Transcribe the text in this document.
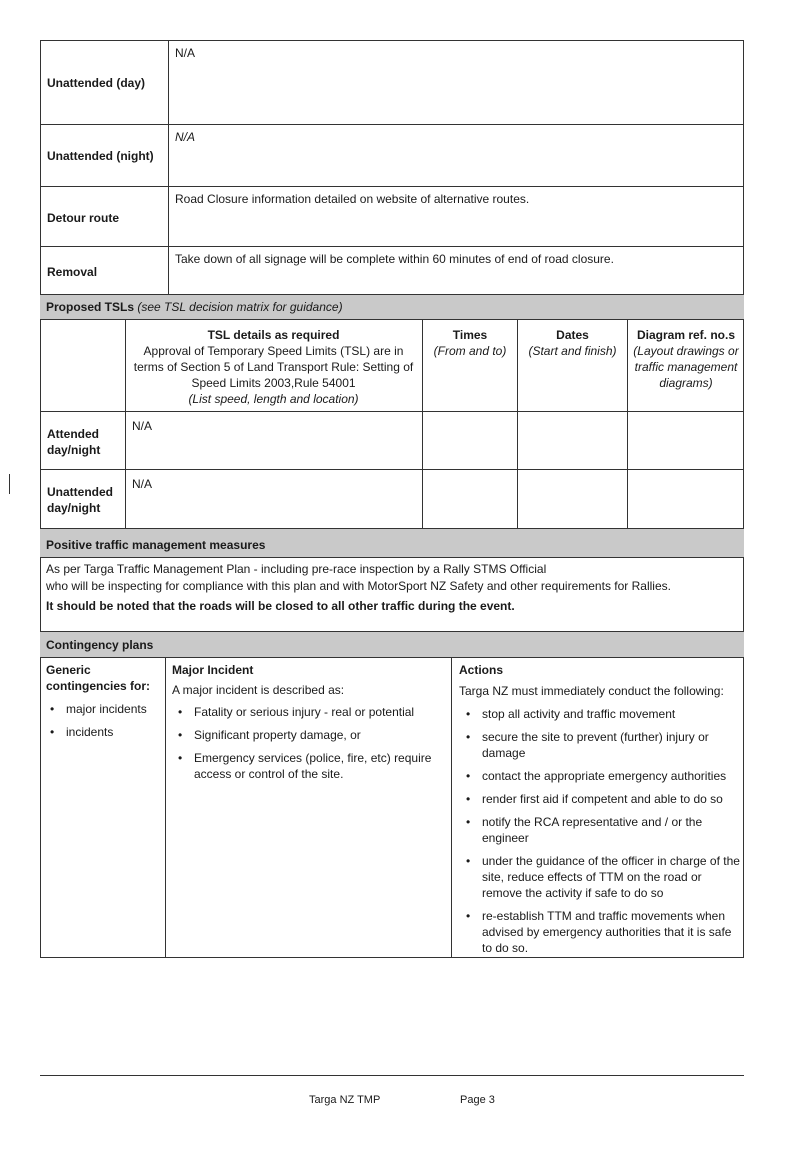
Unattended (day)
N/A
Unattended (night)
N/A
Detour route
Road Closure information detailed on website of alternative routes.
Removal
Take down of all signage will be complete within 60 minutes of end of road closure.
Proposed TSLs (see TSL decision matrix for guidance)
TSL details as required
Approval of Temporary Speed Limits (TSL) are in terms of Section 5 of Land Transport Rule: Setting of Speed Limits 2003,Rule 54001
(List speed, length and location)
Times
(From and to)
Dates
(Start and finish)
Diagram ref. no.s
(Layout drawings or traffic management diagrams)
Attended day/night
N/A
Unattended day/night
N/A
Positive traffic management measures
As per Targa Traffic Management Plan - including pre-race inspection by a Rally STMS Official
who will be inspecting for compliance with this plan and with MotorSport NZ Safety and other requirements for Rallies.
It should be noted that the roads will be closed to all other traffic during the event.
Contingency plans
Generic contingencies for:
• major incidents
• incidents
Major Incident
A major incident is described as:
• Fatality or serious injury - real or potential
• Significant property damage, or
• Emergency services (police, fire, etc) require access or control of the site.
Actions
Targa NZ must immediately conduct the following:
• stop all activity and traffic movement
• secure the site to prevent (further) injury or damage
• contact the appropriate emergency authorities
• render first aid if competent and able to do so
• notify the RCA representative and / or the engineer
• under the guidance of the officer in charge of the site, reduce effects of TTM on the road or remove the activity if safe to do so
• re-establish TTM and traffic movements when advised by emergency authorities that it is safe to do so.
Targa NZ TMP	Page 3
